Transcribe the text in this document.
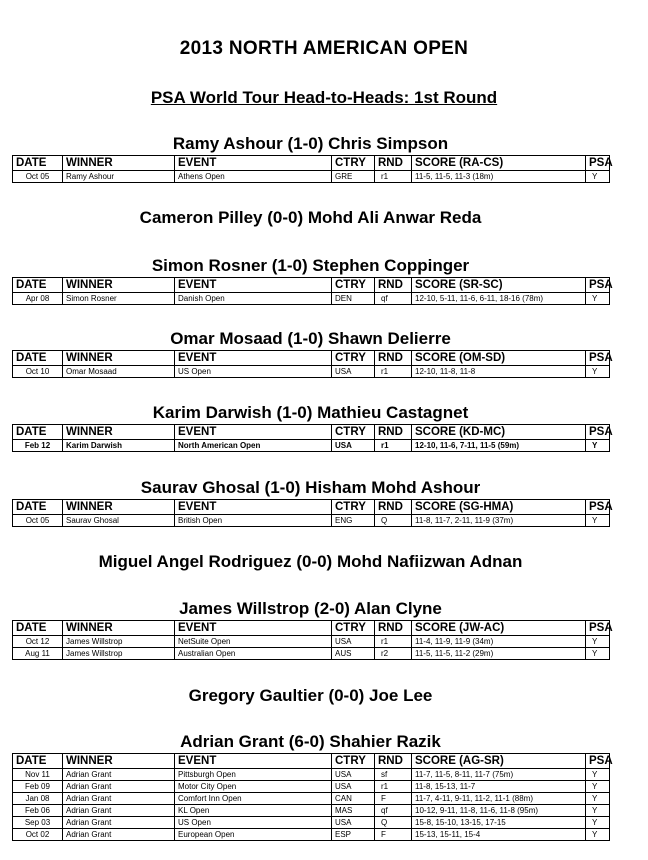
2013 NORTH AMERICAN OPEN
PSA World Tour Head-to-Heads: 1st Round
Ramy Ashour (1-0) Chris Simpson
DATE	WINNER	EVENT	CTRY	RND	SCORE (RA-CS)	PSA
Oct 05	Ramy Ashour	Athens Open	GRE	r1	11-5, 11-5, 11-3 (18m)	Y
Cameron Pilley (0-0) Mohd Ali Anwar Reda
Simon Rosner (1-0) Stephen Coppinger
DATE	WINNER	EVENT	CTRY	RND	SCORE (SR-SC)	PSA
Apr 08	Simon Rosner	Danish Open	DEN	qf	12-10, 5-11, 11-6, 6-11, 18-16 (78m)	Y
Omar Mosaad (1-0) Shawn Delierre
DATE	WINNER	EVENT	CTRY	RND	SCORE (OM-SD)	PSA
Oct 10	Omar Mosaad	US Open	USA	r1	12-10, 11-8, 11-8	Y
Karim Darwish (1-0) Mathieu Castagnet
DATE	WINNER	EVENT	CTRY	RND	SCORE (KD-MC)	PSA
Feb 12	Karim Darwish	North American Open	USA	r1	12-10, 11-6, 7-11, 11-5 (59m)	Y
Saurav Ghosal (1-0) Hisham Mohd Ashour
DATE	WINNER	EVENT	CTRY	RND	SCORE (SG-HMA)	PSA
Oct 05	Saurav Ghosal	British Open	ENG	Q	11-8, 11-7, 2-11, 11-9 (37m)	Y
Miguel Angel Rodriguez (0-0) Mohd Nafiizwan Adnan
James Willstrop (2-0) Alan Clyne
DATE	WINNER	EVENT	CTRY	RND	SCORE (JW-AC)	PSA
Oct 12	James Willstrop	NetSuite Open	USA	r1	11-4, 11-9, 11-9 (34m)	Y
Aug 11	James Willstrop	Australian Open	AUS	r2	11-5, 11-5, 11-2 (29m)	Y
Gregory Gaultier (0-0) Joe Lee
Adrian Grant (6-0) Shahier Razik
DATE	WINNER	EVENT	CTRY	RND	SCORE (AG-SR)	PSA
Nov 11	Adrian Grant	Pittsburgh Open	USA	sf	11-7, 11-5, 8-11, 11-7 (75m)	Y
Feb 09	Adrian Grant	Motor City Open	USA	r1	11-8, 15-13, 11-7	Y
Jan 08	Adrian Grant	Comfort Inn Open	CAN	F	11-7, 4-11, 9-11, 11-2, 11-1 (88m)	Y
Feb 06	Adrian Grant	KL Open	MAS	qf	10-12, 9-11, 11-8, 11-6, 11-8 (95m)	Y
Sep 03	Adrian Grant	US Open	USA	Q	15-8, 15-10, 13-15, 17-15	Y
Oct 02	Adrian Grant	European Open	ESP	F	15-13, 15-11, 15-4	Y
